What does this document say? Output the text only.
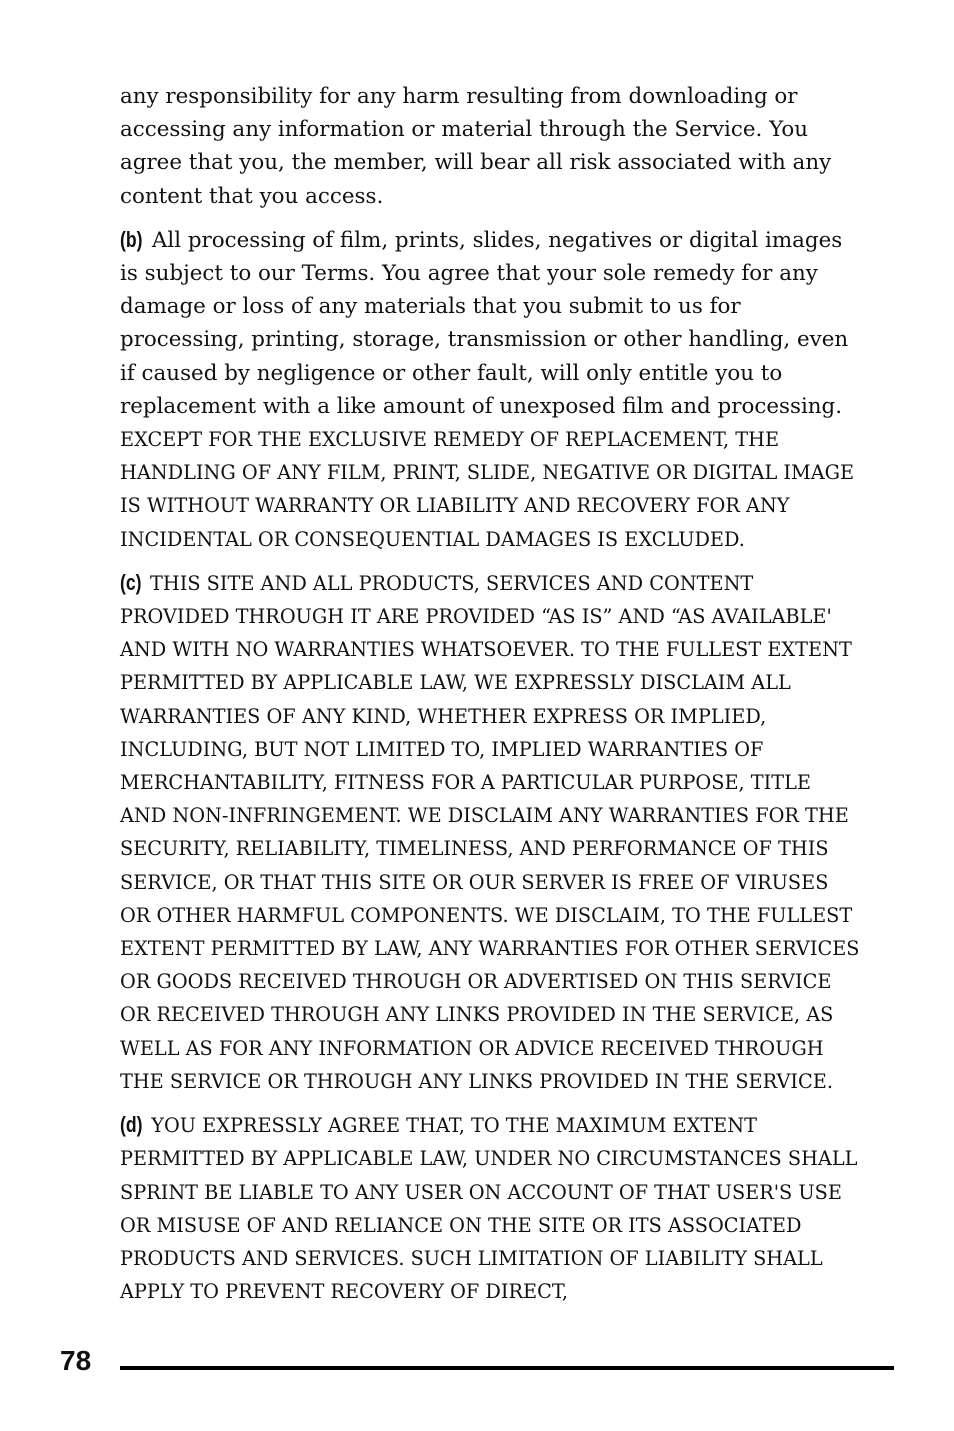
any responsibility for any harm resulting from downloading or accessing any information or material through the Service. You agree that you, the member, will bear all risk associated with any content that you access.

(b) All processing of film, prints, slides, negatives or digital images is subject to our Terms. You agree that your sole remedy for any damage or loss of any materials that you submit to us for processing, printing, storage, transmission or other handling, even if caused by negligence or other fault, will only entitle you to replacement with a like amount of unexposed film and processing. EXCEPT FOR THE EXCLUSIVE REMEDY OF REPLACEMENT, THE HANDLING OF ANY FILM, PRINT, SLIDE, NEGATIVE OR DIGITAL IMAGE IS WITHOUT WARRANTY OR LIABILITY AND RECOVERY FOR ANY INCIDENTAL OR CONSEQUENTIAL DAMAGES IS EXCLUDED.

(c) THIS SITE AND ALL PRODUCTS, SERVICES AND CONTENT PROVIDED THROUGH IT ARE PROVIDED “AS IS” AND “AS AVAILABLE' AND WITH NO WARRANTIES WHATSOEVER. TO THE FULLEST EXTENT PERMITTED BY APPLICABLE LAW, WE EXPRESSLY DISCLAIM ALL WARRANTIES OF ANY KIND, WHETHER EXPRESS OR IMPLIED, INCLUDING, BUT NOT LIMITED TO, IMPLIED WARRANTIES OF MERCHANTABILITY, FITNESS FOR A PARTICULAR PURPOSE, TITLE AND NON-INFRINGEMENT. WE DISCLAIM ANY WARRANTIES FOR THE SECURITY, RELIABILITY, TIMELINESS, AND PERFORMANCE OF THIS SERVICE, OR THAT THIS SITE OR OUR SERVER IS FREE OF VIRUSES OR OTHER HARMFUL COMPONENTS. WE DISCLAIM, TO THE FULLEST EXTENT PERMITTED BY LAW, ANY WARRANTIES FOR OTHER SERVICES OR GOODS RECEIVED THROUGH OR ADVERTISED ON THIS SERVICE OR RECEIVED THROUGH ANY LINKS PROVIDED IN THE SERVICE, AS WELL AS FOR ANY INFORMATION OR ADVICE RECEIVED THROUGH THE SERVICE OR THROUGH ANY LINKS PROVIDED IN THE SERVICE.

(d) YOU EXPRESSLY AGREE THAT, TO THE MAXIMUM EXTENT PERMITTED BY APPLICABLE LAW, UNDER NO CIRCUMSTANCES SHALL SPRINT BE LIABLE TO ANY USER ON ACCOUNT OF THAT USER'S USE OR MISUSE OF AND RELIANCE ON THE SITE OR ITS ASSOCIATED PRODUCTS AND SERVICES. SUCH LIMITATION OF LIABILITY SHALL APPLY TO PREVENT RECOVERY OF DIRECT,

78
